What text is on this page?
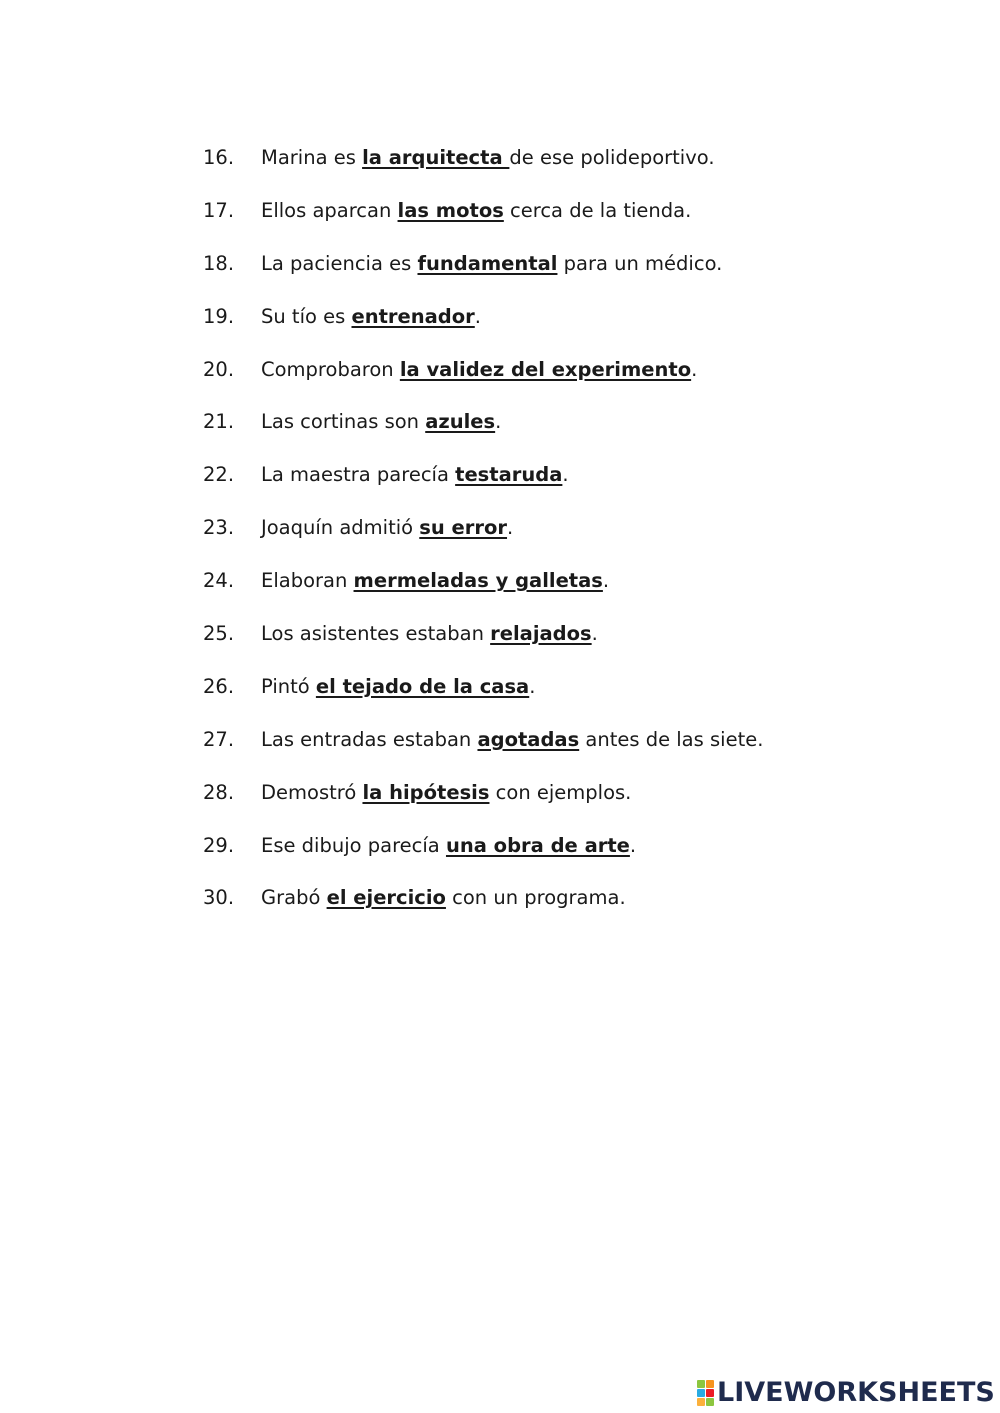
16.	Marina es la arquitecta de ese polideportivo.
17.	Ellos aparcan las motos cerca de la tienda.
18.	La paciencia es fundamental para un médico.
19.	Su tío es entrenador .
20.	Comprobaron la validez del experimento .
21.	Las cortinas son azules .
22.	La maestra parecía testaruda .
23.	Joaquín admitió su error .
24.	Elaboran mermeladas y galletas .
25.	Los asistentes estaban relajados .
26.	Pintó el tejado de la casa .
27.	Las entradas estaban agotadas antes de las siete.
28.	Demostró la hipótesis con ejemplos.
29.	Ese dibujo parecía una obra de arte .
30.	Grabó el ejercicio con un programa.
LIVEWORKSHEETS
